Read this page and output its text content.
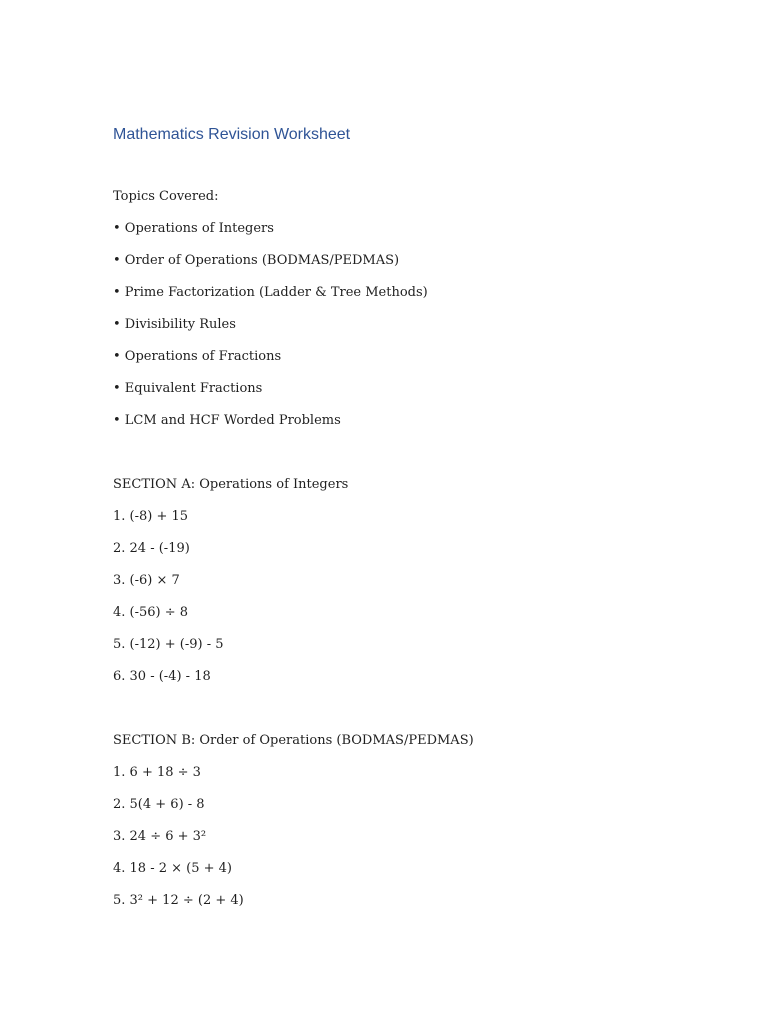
Mathematics Revision Worksheet

Topics Covered:

• Operations of Integers

• Order of Operations (BODMAS/PEDMAS)

• Prime Factorization (Ladder & Tree Methods)

• Divisibility Rules

• Operations of Fractions

• Equivalent Fractions

• LCM and HCF Worded Problems

SECTION A: Operations of Integers

1. (-8) + 15

2. 24 - (-19)

3. (-6) × 7

4. (-56) ÷ 8

5. (-12) + (-9) - 5

6. 30 - (-4) - 18

SECTION B: Order of Operations (BODMAS/PEDMAS)

1. 6 + 18 ÷ 3

2. 5(4 + 6) - 8

3. 24 ÷ 6 + 3²

4. 18 - 2 × (5 + 4)

5. 3² + 12 ÷ (2 + 4)
